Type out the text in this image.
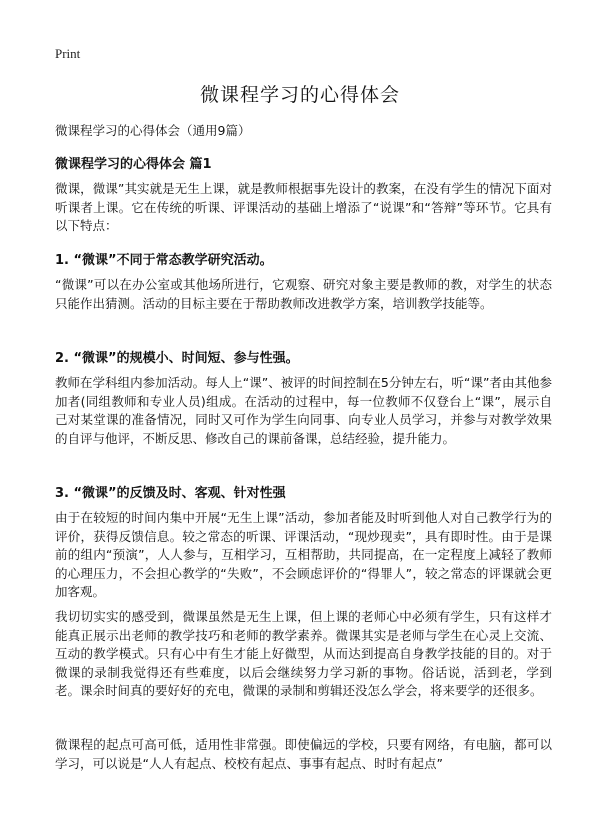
Print
微课程学习的心得体会
微课程学习的心得体会（通用9篇）
微课程学习的心得体会 篇1

微课，微课”其实就是无生上课，就是教师根据事先设计的教案，在没有学生的情况下面对听课者上课。它在传统的听课、评课活动的基础上增添了“说课”和“答辩”等环节。它具有以下特点：

1. “微课”不同于常态教学研究活动。

“微课”可以在办公室或其他场所进行，它观察、研究对象主要是教师的教，对学生的状态只能作出猜测。活动的目标主要在于帮助教师改进教学方案，培训教学技能等。

2. “微课”的规模小、时间短、参与性强。

教师在学科组内参加活动。每人上“课”、被评的时间控制在5分钟左右，听“课”者由其他参加者(同组教师和专业人员)组成。在活动的过程中，每一位教师不仅登台上“课”，展示自己对某堂课的准备情况，同时又可作为学生向同事、向专业人员学习，并参与对教学效果的自评与他评，不断反思、修改自己的课前备课，总结经验，提升能力。

3. “微课”的反馈及时、客观、针对性强

由于在较短的时间内集中开展“无生上课”活动，参加者能及时听到他人对自己教学行为的评价，获得反馈信息。较之常态的听课、评课活动，“现炒现卖”，具有即时性。由于是课前的组内“预演”，人人参与，互相学习，互相帮助，共同提高，在一定程度上减轻了教师的心理压力，不会担心教学的“失败”，不会顾虑评价的“得罪人”，较之常态的评课就会更加客观。

我切切实实的感受到，微课虽然是无生上课，但上课的老师心中必须有学生，只有这样才能真正展示出老师的教学技巧和老师的教学素养。微课其实是老师与学生在心灵上交流、互动的教学模式。只有心中有生才能上好微型，从而达到提高自身教学技能的目的。对于微课的录制我觉得还有些难度，以后会继续努力学习新的事物。俗话说，活到老，学到老。课余时间真的要好好的充电，微课的录制和剪辑还没怎么学会，将来要学的还很多。

微课程的起点可高可低，适用性非常强。即使偏远的学校，只要有网络，有电脑，都可以学习，可以说是“人人有起点、校校有起点、事事有起点、时时有起点”
